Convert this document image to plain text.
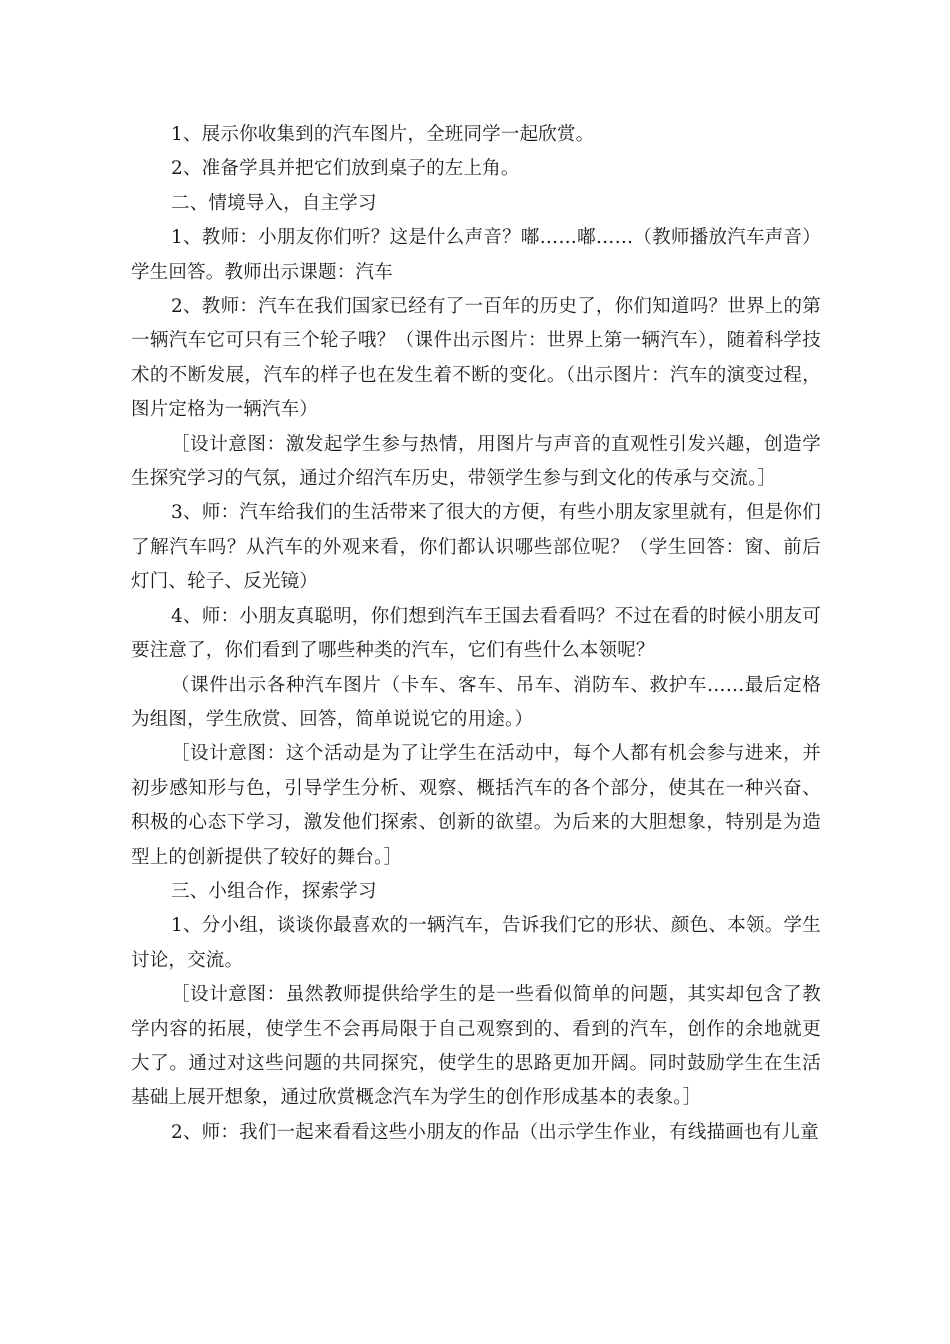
1、展示你收集到的汽车图片，全班同学一起欣赏。

2、准备学具并把它们放到桌子的左上角。

二、情境导入，自主学习

1、教师：小朋友你们听？这是什么声音？嘟……嘟……（教师播放汽车声音）学生回答。教师出示课题：汽车

2、教师：汽车在我们国家已经有了一百年的历史了，你们知道吗？世界上的第一辆汽车它可只有三个轮子哦？（课件出示图片：世界上第一辆汽车），随着科学技术的不断发展，汽车的样子也在发生着不断的变化。（出示图片：汽车的演变过程，图片定格为一辆汽车）

［设计意图：激发起学生参与热情，用图片与声音的直观性引发兴趣，创造学生探究学习的气氛，通过介绍汽车历史，带领学生参与到文化的传承与交流。］

3、师：汽车给我们的生活带来了很大的方便，有些小朋友家里就有，但是你们了解汽车吗？从汽车的外观来看，你们都认识哪些部位呢？（学生回答：窗、前后灯门、轮子、反光镜）

4、师：小朋友真聪明，你们想到汽车王国去看看吗？不过在看的时候小朋友可要注意了，你们看到了哪些种类的汽车，它们有些什么本领呢？

（课件出示各种汽车图片（卡车、客车、吊车、消防车、救护车……最后定格为组图，学生欣赏、回答，简单说说它的用途。）

［设计意图：这个活动是为了让学生在活动中，每个人都有机会参与进来，并初步感知形与色，引导学生分析、观察、概括汽车的各个部分，使其在一种兴奋、积极的心态下学习，激发他们探索、创新的欲望。为后来的大胆想象，特别是为造型上的创新提供了较好的舞台。］

三、小组合作，探索学习

1、分小组，谈谈你最喜欢的一辆汽车，告诉我们它的形状、颜色、本领。学生讨论，交流。

［设计意图：虽然教师提供给学生的是一些看似简单的问题，其实却包含了教学内容的拓展，使学生不会再局限于自己观察到的、看到的汽车，创作的余地就更大了。通过对这些问题的共同探究，使学生的思路更加开阔。同时鼓励学生在生活基础上展开想象，通过欣赏概念汽车为学生的创作形成基本的表象。］

2、师：我们一起来看看这些小朋友的作品（出示学生作业，有线描画也有儿童
